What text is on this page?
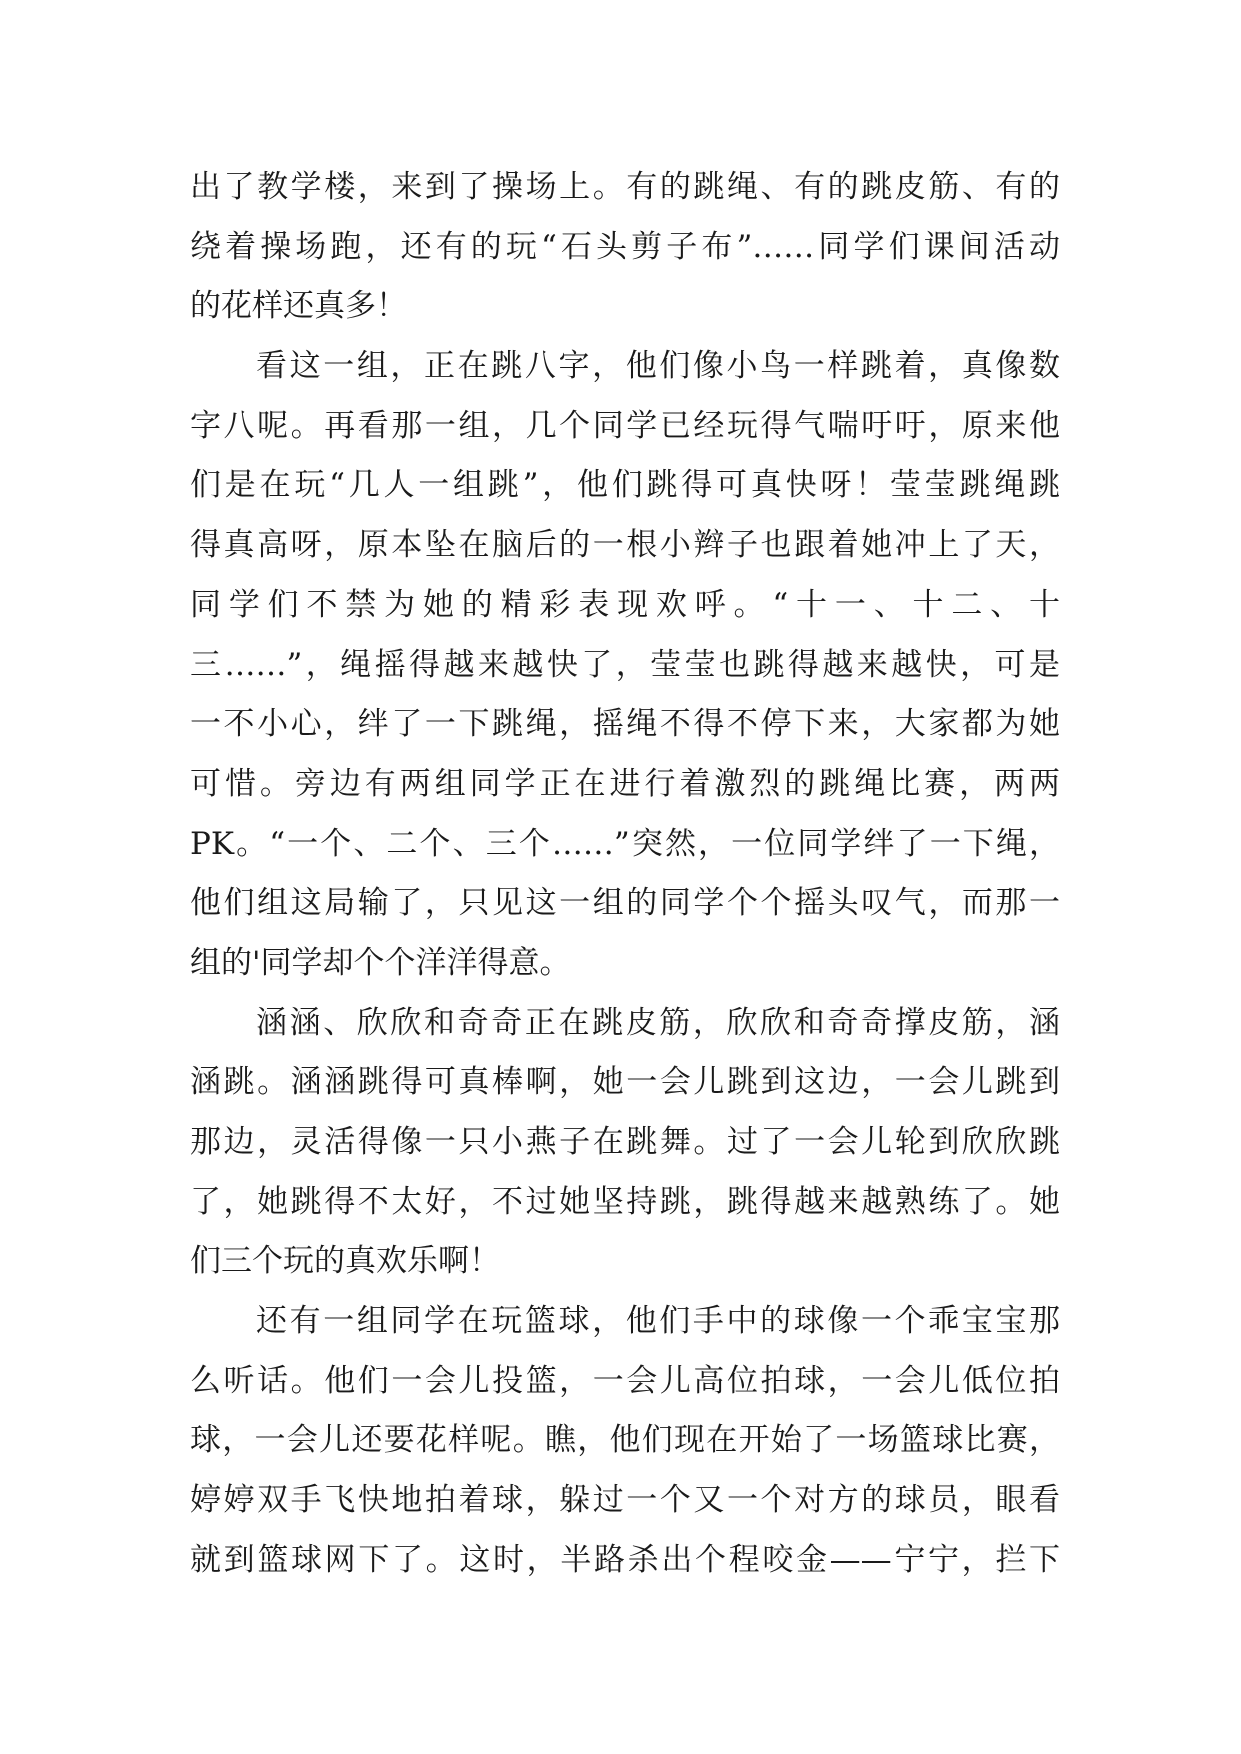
出了教学楼，来到了操场上。有的跳绳、有的跳皮筋、有的
绕着操场跑，还有的玩“石头剪子布”……同学们课间活动
的花样还真多！
看这一组，正在跳八字，他们像小鸟一样跳着，真像数
字八呢。再看那一组，几个同学已经玩得气喘吁吁，原来他
们是在玩“几人一组跳”，他们跳得可真快呀！莹莹跳绳跳
得真高呀，原本坠在脑后的一根小辫子也跟着她冲上了天，
同学们不禁为她的精彩表现欢呼。“十一、十二、十
三……”，绳摇得越来越快了，莹莹也跳得越来越快，可是
一不小心，绊了一下跳绳，摇绳不得不停下来，大家都为她
可惜。旁边有两组同学正在进行着激烈的跳绳比赛，两两
PK。“一个、二个、三个……”突然，一位同学绊了一下绳，
他们组这局输了，只见这一组的同学个个摇头叹气，而那一
组的'同学却个个洋洋得意。
涵涵、欣欣和奇奇正在跳皮筋，欣欣和奇奇撑皮筋，涵
涵跳。涵涵跳得可真棒啊，她一会儿跳到这边，一会儿跳到
那边，灵活得像一只小燕子在跳舞。过了一会儿轮到欣欣跳
了，她跳得不太好，不过她坚持跳，跳得越来越熟练了。她
们三个玩的真欢乐啊！
还有一组同学在玩篮球，他们手中的球像一个乖宝宝那
么听话。他们一会儿投篮，一会儿高位拍球，一会儿低位拍
球，一会儿还要花样呢。瞧，他们现在开始了一场篮球比赛，
婷婷双手飞快地拍着球，躲过一个又一个对方的球员，眼看
就到篮球网下了。这时，半路杀出个程咬金——宁宁，拦下
